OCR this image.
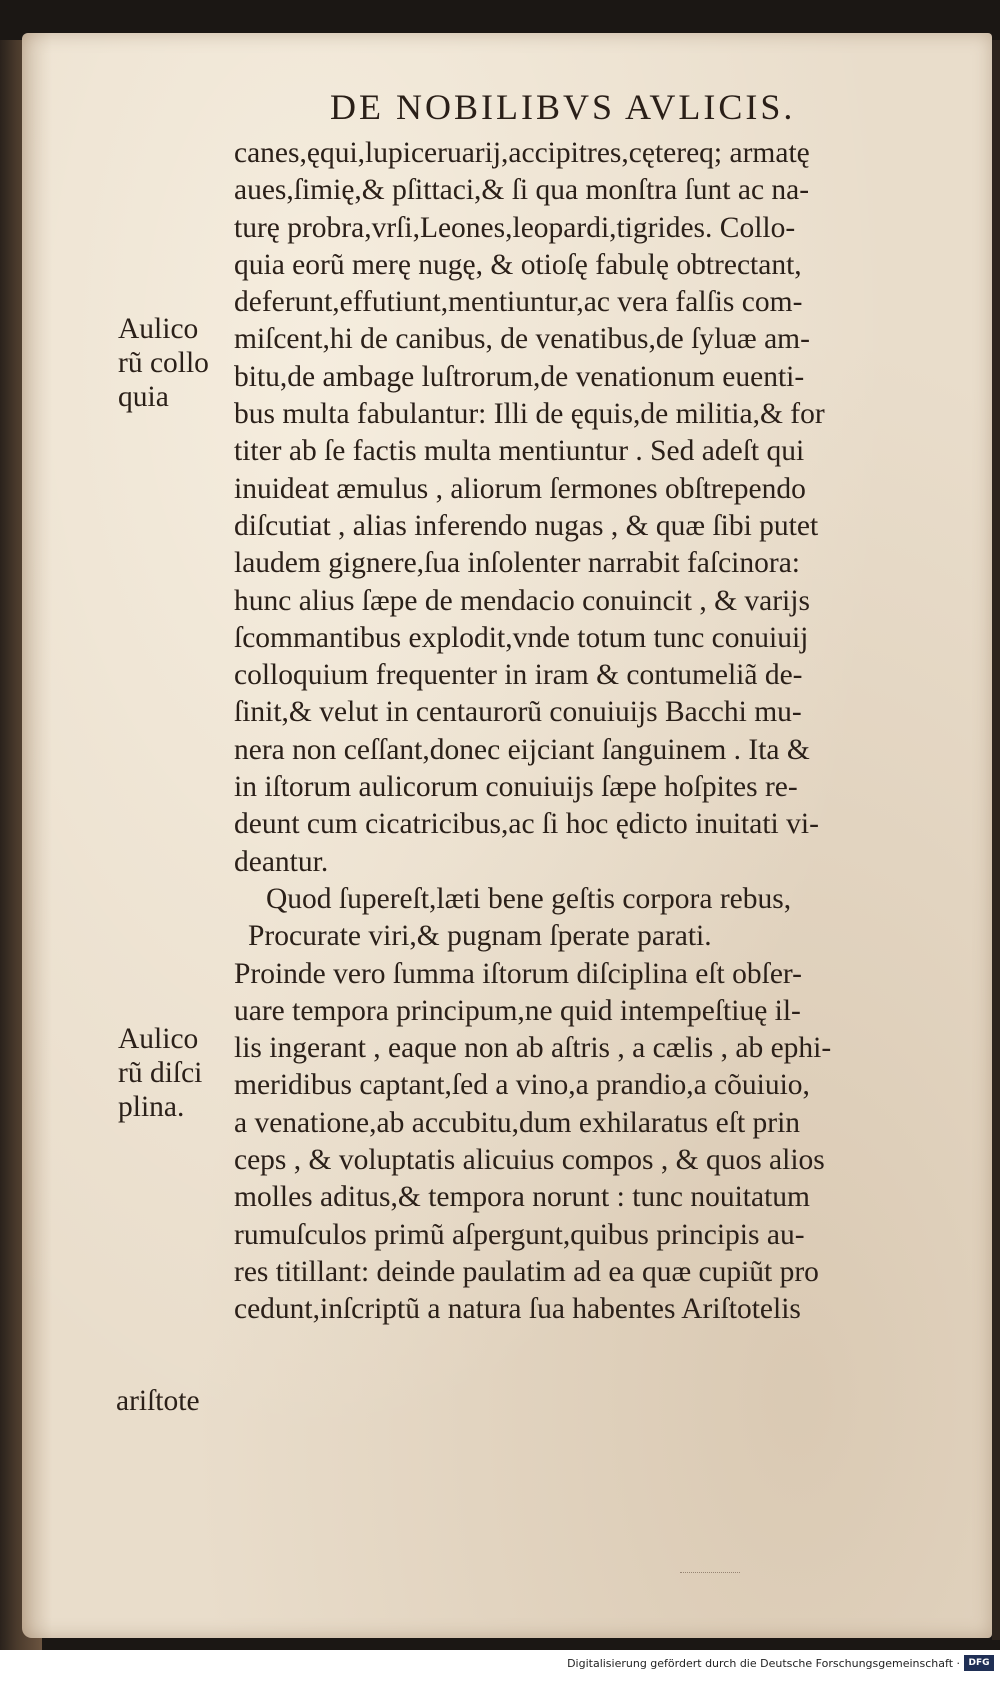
DE NOBILIBVS AVLICIS.
canes,ęqui,lupiceruarij,accipitres,cętereq; armatę
aues,ſimię,& pſittaci,& ſi qua monſtra ſunt ac na-
turę probra,vrſi,Leones,leopardi,tigrides. Collo-
quia eorũ merę nugę, & otioſę fabulę obtrectant,
deferunt,effutiunt,mentiuntur,ac vera falſis com-
miſcent,hi de canibus, de venatibus,de ſyluæ am-
bitu,de ambage luſtrorum,de venationum euenti-
bus multa fabulantur: Illi de ęquis,de militia,& for
titer ab ſe factis multa mentiuntur . Sed adeſt qui
inuideat æmulus , aliorum ſermones obſtrependo
diſcutiat , alias inferendo nugas , & quæ ſibi putet
laudem gignere,ſua inſolenter narrabit faſcinora:
hunc alius ſæpe de mendacio conuincit , & varijs
ſcommantibus explodit,vnde totum tunc conuiuij
colloquium frequenter in iram & contumeliã de-
ſinit,& velut in centaurorũ conuiuijs Bacchi mu-
nera non ceſſant,donec eijciant ſanguinem . Ita &
in iſtorum aulicorum conuiuijs ſæpe hoſpites re-
deunt cum cicatricibus,ac ſi hoc ędicto inuitati vi-
deantur.
Quod ſupereſt,læti bene geſtis corpora rebus,
Procurate viri,& pugnam ſperate parati.
Proinde vero ſumma iſtorum diſciplina eſt obſer-
uare tempora principum,ne quid intempeſtiuę il-
lis ingerant , eaque non ab aſtris , a cælis , ab ephi-
meridibus captant,ſed a vino,a prandio,a cõuiuio,
a venatione,ab accubitu,dum exhilaratus eſt prin
ceps , & voluptatis alicuius compos , & quos alios
molles aditus,& tempora norunt : tunc nouitatum
rumuſculos primũ aſpergunt,quibus principis au-
res titillant: deinde paulatim ad ea quæ cupiũt pro
cedunt,inſcriptũ a natura ſua habentes Ariſtotelis
Aulico
rũ collo
quia
Aulico
rũ diſci
plina.
ariſtote
Digitalisierung gefördert durch die Deutsche Forschungsgemeinschaft · DFG
